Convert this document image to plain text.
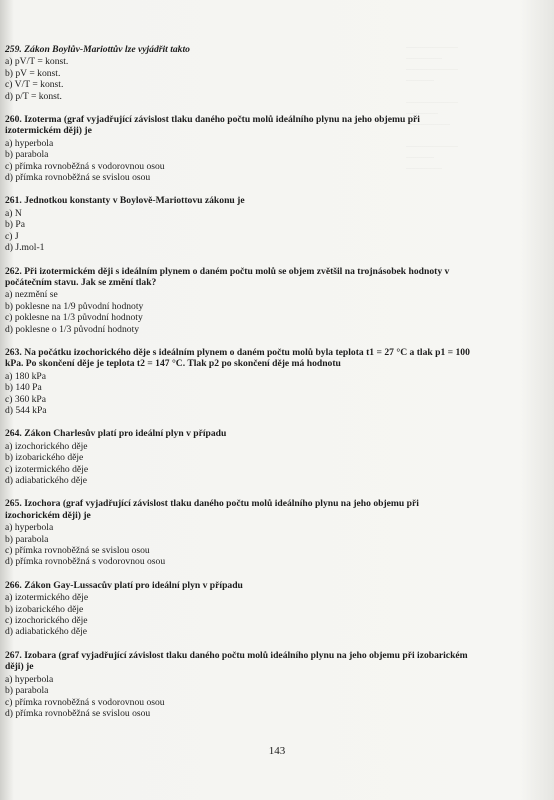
..........................
..................
..........................
..............

..........................
................
......................

..........................
..............
..................
259. Zákon Boylův-Mariottův lze vyjádřit takto
a) pV/T = konst.
b) pV = konst.
c) V/T = konst.
d) p/T = konst.
260. Izoterma (graf vyjadřující závislost tlaku daného počtu molů ideálního plynu na jeho objemu při izotermickém ději) je
a) hyperbola
b) parabola
c) přímka rovnoběžná s vodorovnou osou
d) přímka rovnoběžná se svislou osou
261. Jednotkou konstanty v Boylově-Mariottovu zákonu je
a) N
b) Pa
c) J
d) J.mol-1
262. Při izotermickém ději s ideálním plynem o daném počtu molů se objem zvětšil na trojnásobek hodnoty v počátečním stavu. Jak se změní tlak?
a) nezmění se
b) poklesne na 1/9 původní hodnoty
c) poklesne na 1/3 původní hodnoty
d) poklesne o 1/3 původní hodnoty
263. Na počátku izochorického děje s ideálním plynem o daném počtu molů byla teplota t1 = 27 °C a tlak p1 = 100 kPa. Po skončení děje je teplota t2 = 147 °C. Tlak p2 po skončení děje má hodnotu
a) 180 kPa
b) 140 Pa
c) 360 kPa
d) 544 kPa
264. Zákon Charlesův platí pro ideální plyn v případu
a) izochorického děje
b) izobarického děje
c) izotermického děje
d) adiabatického děje
265. Izochora (graf vyjadřující závislost tlaku daného počtu molů ideálního plynu na jeho objemu při izochorickém ději) je
a) hyperbola
b) parabola
c) přímka rovnoběžná se svislou osou
d) přímka rovnoběžná s vodorovnou osou
266. Zákon Gay-Lussacův platí pro ideální plyn v případu
a) izotermického děje
b) izobarického děje
c) izochorického děje
d) adiabatického děje
267. Izobara (graf vyjadřující závislost tlaku daného počtu molů ideálního plynu na jeho objemu při izobarickém ději) je
a) hyperbola
b) parabola
c) přímka rovnoběžná s vodorovnou osou
d) přímka rovnoběžná se svislou osou
143
